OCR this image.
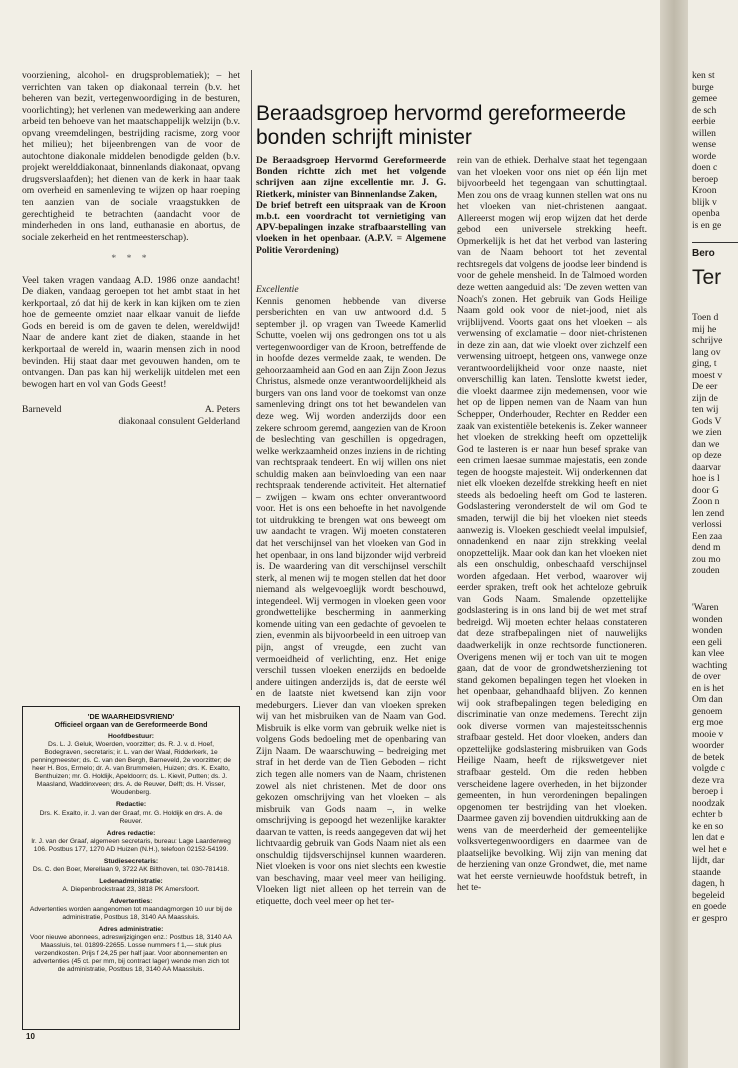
voorziening, alcohol- en drugsproblematiek); – het verrichten van taken op diakonaal terrein (b.v. het beheren van bezit, vertegenwoordiging in de besturen, voorlichting); het verlenen van medewerking aan andere arbeid ten behoeve van het maatschappelijk welzijn (b.v. opvang vreemdelingen, bestrijding racisme, zorg voor het milieu); het bijeenbrengen van de voor de autochtone diakonale middelen benodigde gelden (b.v. projekt werelddiakonaat, binnenlands diakonaat, opvang drugsverslaafden); het dienen van de kerk in haar taak om overheid en samenleving te wijzen op haar roeping ten aanzien van de sociale vraagstukken de gerechtigheid te betrachten (aandacht voor de minderheden in ons land, euthanasie en abortus, de sociale zekerheid en het rentmeesterschap).

* * *

Veel taken vragen vandaag A.D. 1986 onze aandacht! De diaken, vandaag geroepen tot het ambt staat in het kerkportaal, zó dat hij de kerk in kan kijken om te zien hoe de gemeente omziet naar elkaar vanuit de liefde Gods en bereid is om de gaven te delen, wereldwijd! Naar de andere kant ziet de diaken, staande in het kerkportaal de wereld in, waarin mensen zich in nood bevinden. Hij staat daar met gevouwen handen, om te ontvangen. Dan pas kan hij werkelijk uitdelen met een bewogen hart en vol van Gods Geest!

Barneveld	A. Peters
diakonaal consulent Gelderland
'DE WAARHEIDSVRIEND'
Officieel orgaan van de Gereformeerde Bond
Hoofdbestuur:
Ds. L. J. Geluk, Woerden, voorzitter; ds. R. J. v. d. Hoef, Bodegraven, secretaris; ir. L. van der Waal, Ridderkerk, 1e penningmeester; ds. C. van den Bergh, Barneveld, 2e voorzitter; de heer H. Bos, Ermelo; dr. A. van Brummelen, Huizen; drs. K. Exalto, Benthuizen; mr. G. Holdijk, Apeldoorn; ds. L. Kievit, Putten; ds. J. Maasland, Waddinxveen; drs. A. de Reuver, Delft; ds. H. Visser, Woudenberg.
Redactie:
Drs. K. Exalto, ir. J. van der Graaf, mr. G. Holdijk en drs. A. de Reuver.
Adres redactie:
Ir. J. van der Graaf, algemeen secretaris, bureau: Lage Laarderweg 106. Postbus 177, 1270 AD Huizen (N.H.), telefoon 02152-54199.
Studiesecretaris:
Ds. C. den Boer, Merellaan 9, 3722 AK Bilthoven, tel. 030-781418.
Ledenadministratie:
A. Diepenbrockstraat 23, 3818 PK Amersfoort.
Advertenties:
Advertenties worden aangenomen tot maandagmorgen 10 uur bij de administratie, Postbus 18, 3140 AA Maassluis.
Adres administratie:
Voor nieuwe abonnees, adreswijzigingen enz.: Postbus 18, 3140 AA Maassluis, tel. 01899-22655. Losse nummers f 1,— stuk plus verzendkosten. Prijs f 24,25 per half jaar. Voor abonnementen en advertenties (45 ct. per mm, bij contract lager) wende men zich tot de administratie, Postbus 18, 3140 AA Maassluis.
10
Beraadsgroep hervormd gereformeerde bonden schrijft minister

De Beraadsgroep Hervormd Gereformeerde Bonden richtte zich met het volgende schrijven aan zijne excellentie mr. J. G. Rietkerk, minister van Binnenlandse Zaken,

De brief betreft een uitspraak van de Kroon m.b.t. een voordracht tot vernietiging van APV-bepalingen inzake strafbaarstelling van vloeken in het openbaar. (A.P.V. = Algemene Politie Verordening)

Excellentie

Kennis genomen hebbende van diverse persberichten en van uw antwoord d.d. 5 september jl. op vragen van Tweede Kamerlid Schutte, voelen wij ons gedrongen ons tot u als vertegenwoordiger van de Kroon, betreffende de in hoofde dezes vermelde zaak, te wenden. De gehoorzaamheid aan God en aan Zijn Zoon Jezus Christus, alsmede onze verantwoordelijkheid als burgers van ons land voor de toekomst van onze samenleving dringt ons tot het bewandelen van deze weg. Wij worden anderzijds door een zekere schroom geremd, aangezien van de Kroon de beslechting van geschillen is opgedragen, welke werkzaamheid onzes inziens in de richting van rechtspraak tendeert. En wij willen ons niet schuldig maken aan beïnvloeding van een naar rechtspraak tenderende activiteit. Het alternatief – zwijgen – kwam ons echter onverantwoord voor. Het is ons een behoefte in het navolgende tot uitdrukking te brengen wat ons beweegt om uw aandacht te vragen. Wij moeten constateren dat het verschijnsel van het vloeken van God in het openbaar, in ons land bijzonder wijd verbreid is. De waardering van dit verschijnsel verschilt sterk, al menen wij te mogen stellen dat het door niemand als welgevoeglijk wordt beschouwd, integendeel. Wij vermogen in vloeken geen voor grondwettelijke bescherming in aanmerking komende uiting van een gedachte of gevoelen te zien, evenmin als bijvoorbeeld in een uitroep van pijn, angst of vreugde, een zucht van vermoeidheid of verlichting, enz. Het enige verschil tussen vloeken enerzijds en bedoelde andere uitingen anderzijds is, dat de eerste wél en de laatste niet kwetsend kan zijn voor medeburgers. Liever dan van vloeken spreken wij van het misbruiken van de Naam van God. Misbruik is elke vorm van gebruik welke niet is volgens Gods bedoeling met de openbaring van Zijn Naam. De waarschuwing – bedreiging met straf in het derde van de Tien Geboden – richt zich tegen alle nomers van de Naam, christenen zowel als niet christenen. Met de door ons gekozen omschrijving van het vloeken – als misbruik van Gods naam –, in welke omschrijving is gepoogd het wezenlijke karakter daarvan te vatten, is reeds aangegeven dat wij het lichtvaardig gebruik van Gods Naam niet als een onschuldig tijdsverschijnsel kunnen waarderen. Niet vloeken is voor ons niet slechts een kwestie van beschaving, maar veel meer van heiliging. Vloeken ligt niet alleen op het terrein van de etiquette, doch veel meer op het ter-

rein van de ethiek. Derhalve staat het tegengaan van het vloeken voor ons niet op één lijn met bijvoorbeeld het tegengaan van schuttingtaal. Men zou ons de vraag kunnen stellen wat ons nu het vloeken van niet-christenen aangaat. Allereerst mogen wij erop wijzen dat het derde gebod een universele strekking heeft. Opmerkelijk is het dat het verbod van lastering van de Naam behoort tot het zevental rechtsregels dat volgens de joodse leer bindend is voor de gehele mensheid. In de Talmoed worden deze wetten aangeduid als: 'De zeven wetten van Noach's zonen. Het gebruik van Gods Heilige Naam gold ook voor de niet-jood, niet als vrijblijvend. Voorts gaat ons het vloeken – als verwensing of exclamatie – door niet-christenen in deze zin aan, dat wie vloekt over zichzelf een verwensing uitroept, hetgeen ons, vanwege onze verantwoordelijkheid voor onze naaste, niet onverschillig kan laten. Tenslotte kwetst ieder, die vloekt daarmee zijn medemensen, voor wie het op de lippen nemen van de Naam van hun Schepper, Onderhouder, Rechter en Redder een zaak van existentiële betekenis is. Zeker wanneer het vloeken de strekking heeft om opzettelijk God te lasteren is er naar hun besef sprake van een crimen laesae summae majestatis, een zonde tegen de hoogste majesteit. Wij onderkennen dat niet elk vloeken dezelfde strekking heeft en niet steeds als bedoeling heeft om God te lasteren. Godslastering veronderstelt de wil om God te smaden, terwijl die bij het vloeken niet steeds aanwezig is. Vloeken geschiedt veelal impulsief, onnadenkend en naar zijn strekking veelal onopzettelijk. Maar ook dan kan het vloeken niet als een onschuldig, onbeschaafd verschijnsel worden afgedaan. Het verbod, waarover wij eerder spraken, treft ook het achteloze gebruik van Gods Naam. Smalende opzettelijke godslastering is in ons land bij de wet met straf bedreigd. Wij moeten echter helaas constateren dat deze strafbepalingen niet of nauwelijks daadwerkelijk in onze rechtsorde functioneren. Overigens menen wij er toch van uit te mogen gaan, dat de voor de grondwetsherziening tot stand gekomen bepalingen tegen het vloeken in het openbaar, gehandhaafd blijven. Zo kennen wij ook strafbepalingen tegen belediging en discriminatie van onze medemens. Terecht zijn ook diverse vormen van majesteitsschennis strafbaar gesteld. Het door vloeken, anders dan opzettelijke godslastering misbruiken van Gods Heilige Naam, heeft de rijkswetgever niet strafbaar gesteld. Om die reden hebben verscheidene lagere overheden, in het bijzonder gemeenten, in hun verordeningen bepalingen opgenomen ter bestrijding van het vloeken. Daarmee gaven zij bovendien uitdrukking aan de wens van de meerderheid der gemeentelijke volksvertegenwoordigers en daarmee van de plaatselijke bevolking. Wij zijn van mening dat de herziening van onze Grondwet, die, met name wat het eerste vernieuwde hoofdstuk betreft, in het te-

ken st
burge
gemee
de sch
eerbie
willen
wense
worde
doen c
beroep
Kroon
blijk v
openba
is en ge
Bero
Ter
Toen d
mij he
schrijve
lang ov
ging, t
moest v
De eer
zijn de
ten wij
Gods V
we zien
dan we
op deze
daarvar
hoe is l
door G
Zoon n
len zend
verlossi
Een zaa
dend m
zou mo
zouden
'Waren
wonden
wonden
een geli
kan vlee
wachting
de over
en is het
Om dan
genoem
erg moe
mooie v
woorder
de betek
volgde c
deze vra
beroep i
noodzak
echter b
ke en so
len dat e
wel het e
lijdt, dar
staande
dagen, h
begeleid
en goede
er gespro
